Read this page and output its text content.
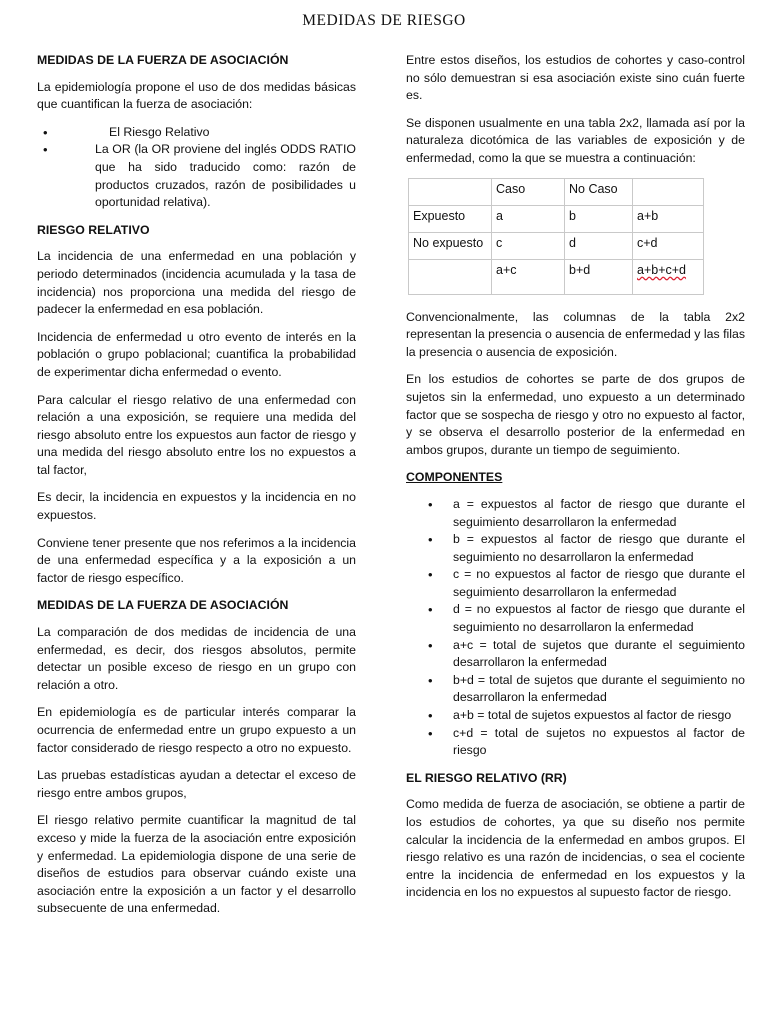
MEDIDAS DE RIESGO
MEDIDAS DE LA FUERZA DE ASOCIACIÓN

La epidemiología propone el uso de dos medidas básicas que cuantifican la fuerza de asociación:

• El Riesgo Relativo
• La OR (la OR proviene del inglés ODDS RATIO que ha sido traducido como: razón de productos cruzados, razón de posibilidades u oportunidad relativa).
RIESGO RELATIVO

La incidencia de una enfermedad en una población y periodo determinados (incidencia acumulada y la tasa de incidencia) nos proporciona una medida del riesgo de padecer la enfermedad en esa población.

Incidencia de enfermedad u otro evento de interés en la población o grupo poblacional; cuantifica la probabilidad de experimentar dicha enfermedad o evento.

Para calcular el riesgo relativo de una enfermedad con relación a una exposición, se requiere una medida del riesgo absoluto entre los expuestos aun factor de riesgo y una medida del riesgo absoluto entre los no expuestos a tal factor,

Es decir, la incidencia en expuestos y la incidencia en no expuestos.

Conviene tener presente que nos referimos a la incidencia de una enfermedad específica y a la exposición a un factor de riesgo específico.

MEDIDAS DE LA FUERZA DE ASOCIACIÓN

La comparación de dos medidas de incidencia de una enfermedad, es decir, dos riesgos absolutos, permite detectar un posible exceso de riesgo en un grupo con relación a otro.

En epidemiología es de particular interés comparar la ocurrencia de enfermedad entre un grupo expuesto a un factor considerado de riesgo respecto a otro no expuesto.

Las pruebas estadísticas ayudan a detectar el exceso de riesgo entre ambos grupos,

El riesgo relativo permite cuantificar la magnitud de tal exceso y mide la fuerza de la asociación entre exposición y enfermedad. La epidemiologia dispone de una serie de diseños de estudios para observar cuándo existe una asociación entre la exposición a un factor y el desarrollo subsecuente de una enfermedad.

Entre estos diseños, los estudios de cohortes y caso-control no sólo demuestran si esa asociación existe sino cuán fuerte es.

Se disponen usualmente en una tabla 2x2, llamada así por la naturaleza dicotómica de las variables de exposición y de enfermedad, como la que se muestra a continuación:

	Caso	No Caso	
Expuesto	a	b	a+b
No expuesto	c	d	c+d
	a+c	b+d	a+b+c+d

Convencionalmente, las columnas de la tabla 2x2 representan la presencia o ausencia de enfermedad y las filas la presencia o ausencia de exposición.

En los estudios de cohortes se parte de dos grupos de sujetos sin la enfermedad, uno expuesto a un determinado factor que se sospecha de riesgo y otro no expuesto al factor, y se observa el desarrollo posterior de la enfermedad en ambos grupos, durante un tiempo de seguimiento.

COMPONENTES
• a = expuestos al factor de riesgo que durante el seguimiento desarrollaron la enfermedad
• b = expuestos al factor de riesgo que durante el seguimiento no desarrollaron la enfermedad
• c = no expuestos al factor de riesgo que durante el seguimiento desarrollaron la enfermedad
• d = no expuestos al factor de riesgo que durante el seguimiento no desarrollaron la enfermedad
• a+c = total de sujetos que durante el seguimiento desarrollaron la enfermedad
• b+d = total de sujetos que durante el seguimiento no desarrollaron la enfermedad
• a+b = total de sujetos expuestos al factor de riesgo
• c+d = total de sujetos no expuestos al factor de riesgo
EL RIESGO RELATIVO (RR)

Como medida de fuerza de asociación, se obtiene a partir de los estudios de cohortes, ya que su diseño nos permite calcular la incidencia de la enfermedad en ambos grupos. El riesgo relativo es una razón de incidencias, o sea el cociente entre la incidencia de enfermedad en los expuestos y la incidencia en los no expuestos al supuesto factor de riesgo.
